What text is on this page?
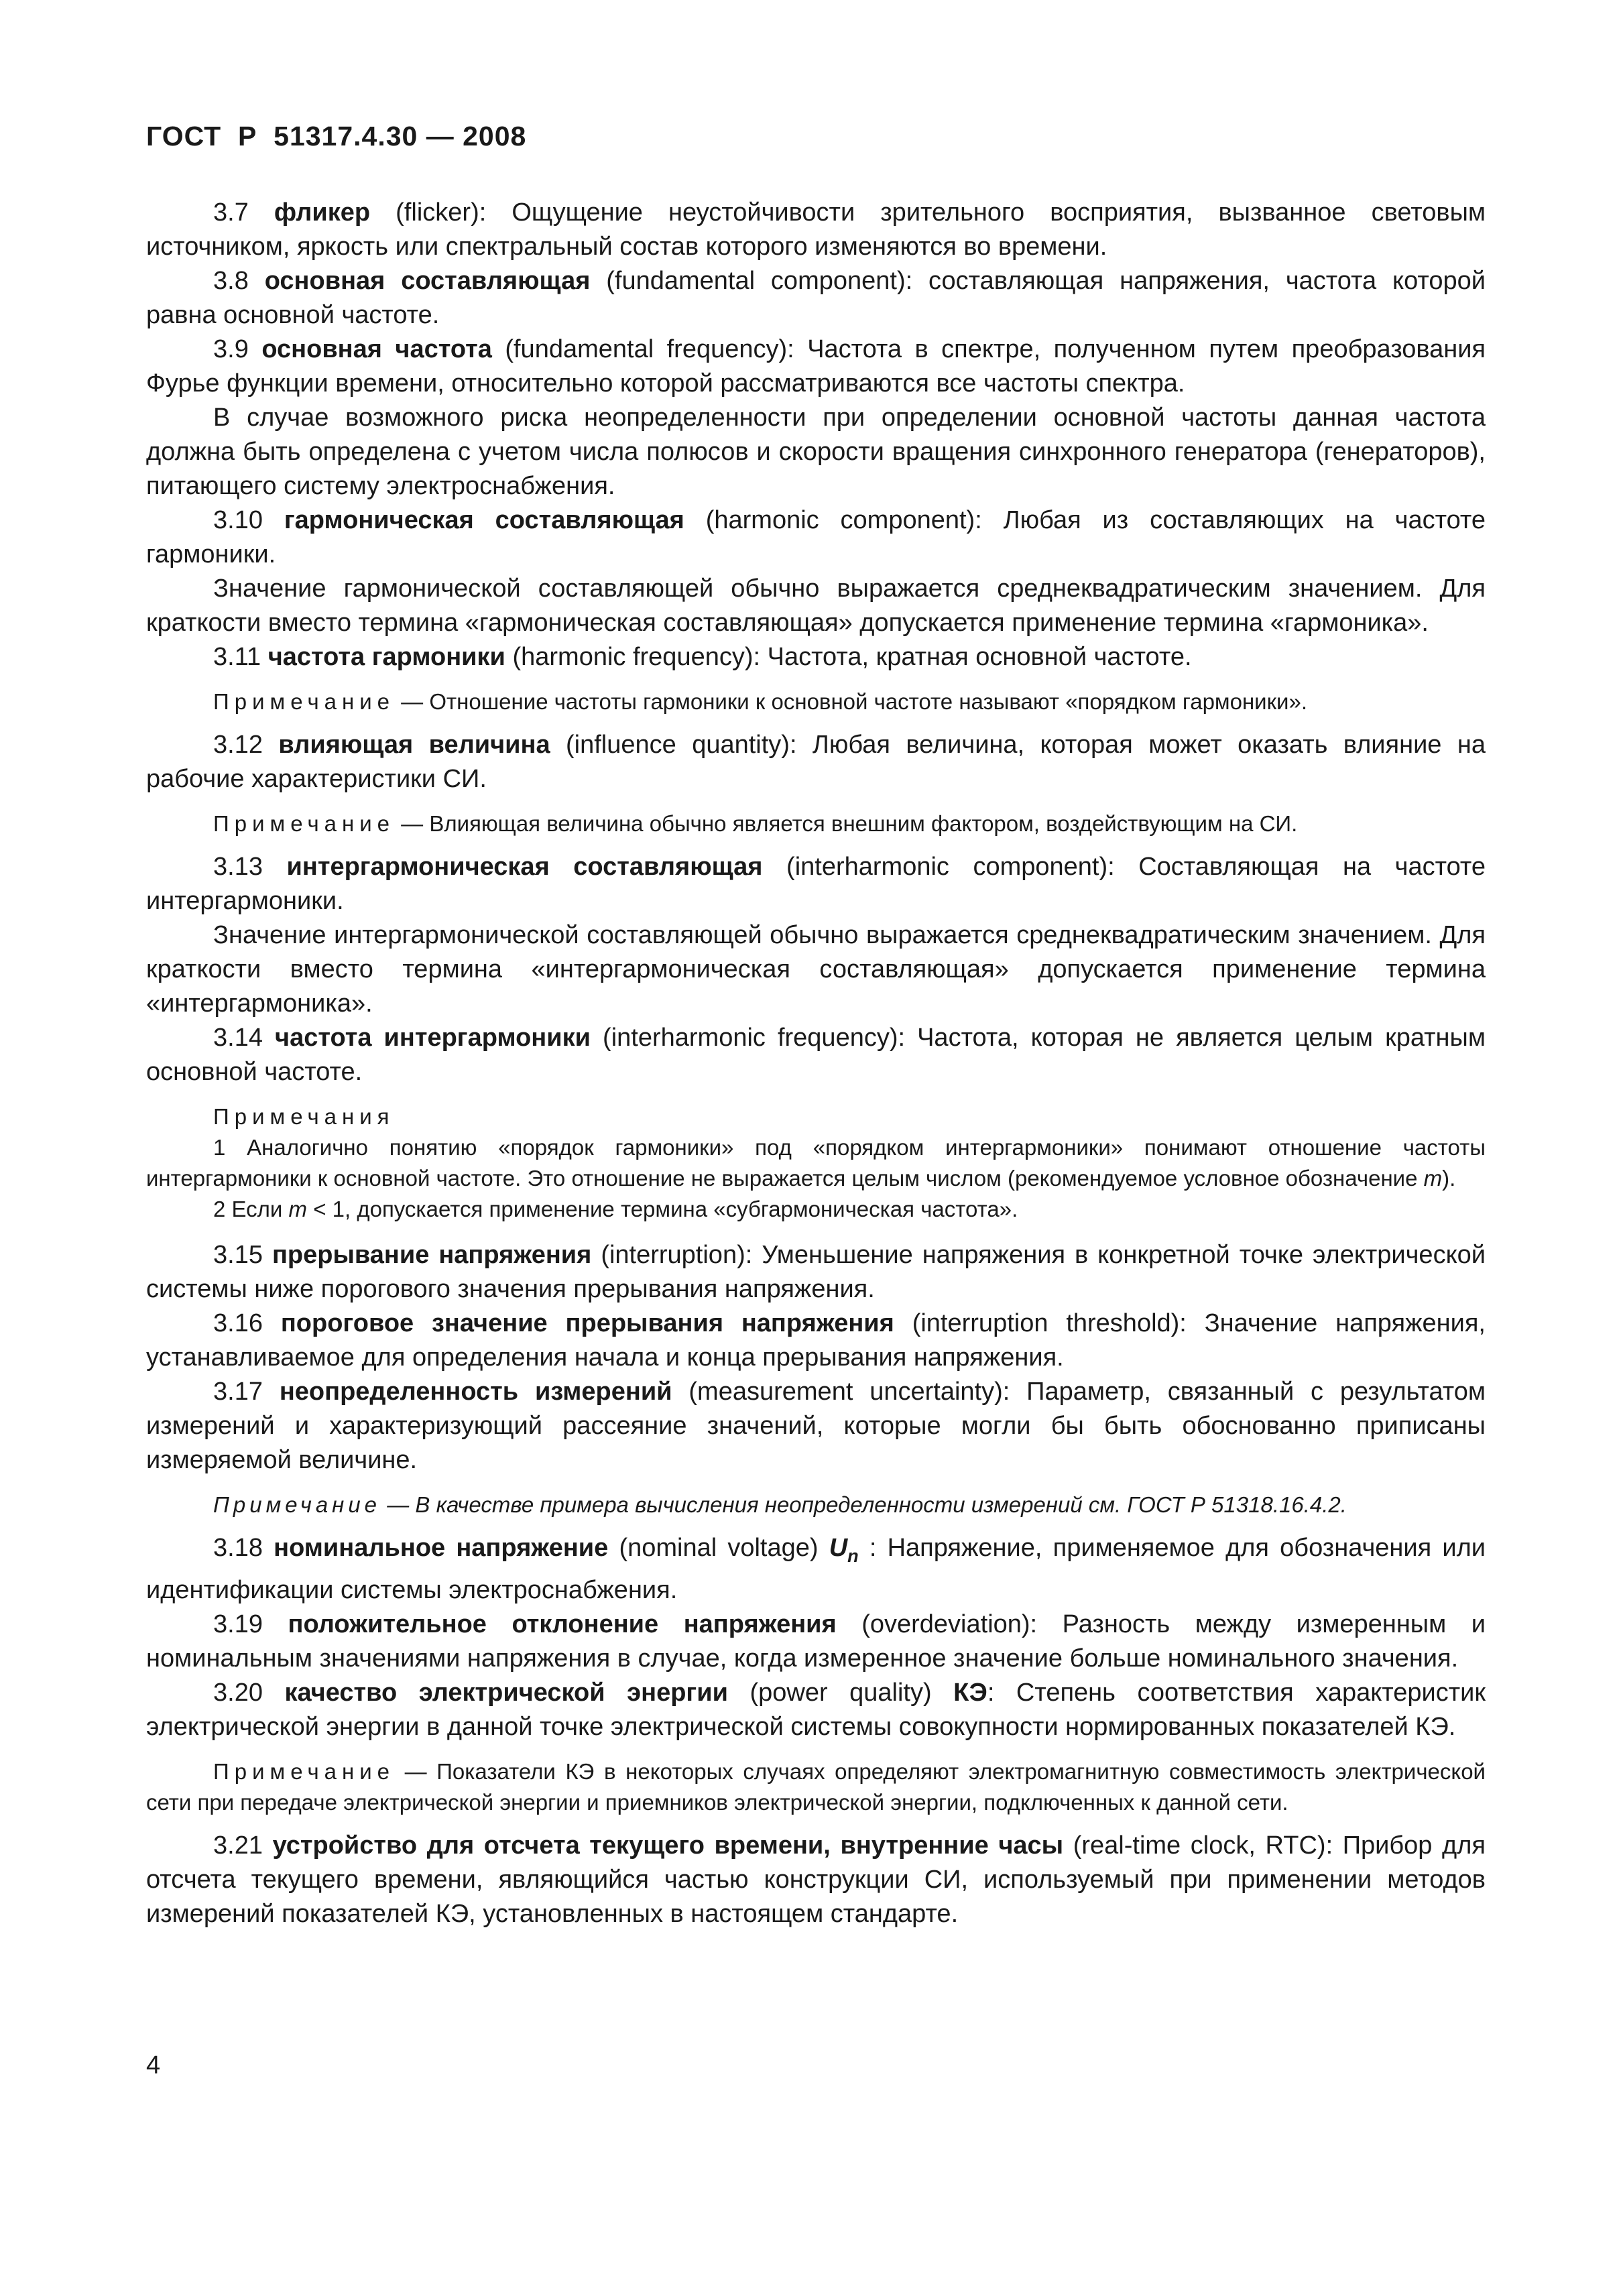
ГОСТ  Р  51317.4.30 — 2008

3.7 фликер (flicker): Ощущение неустойчивости зрительного восприятия, вызванное световым источником, яркость или спектральный состав которого изменяются во времени.

3.8 основная составляющая (fundamental component): составляющая напряжения, частота которой равна основной частоте.

3.9 основная частота (fundamental frequency): Частота в спектре, полученном путем преобразования Фурье функции времени, относительно которой рассматриваются все частоты спектра.

В случае возможного риска неопределенности при определении основной частоты данная частота должна быть определена с учетом числа полюсов и скорости вращения синхронного генератора (генераторов), питающего систему электроснабжения.

3.10 гармоническая составляющая (harmonic component): Любая из составляющих на частоте гармоники.

Значение гармонической составляющей обычно выражается среднеквадратическим значением. Для краткости вместо термина «гармоническая составляющая» допускается применение термина «гармоника».

3.11 частота гармоники (harmonic frequency): Частота, кратная основной частоте.

Примечание — Отношение частоты гармоники к основной частоте называют «порядком гармоники».

3.12 влияющая величина (influence quantity): Любая величина, которая может оказать влияние на рабочие характеристики СИ.

Примечание — Влияющая величина обычно является внешним фактором, воздействующим на СИ.

3.13 интергармоническая составляющая (interharmonic component): Составляющая на частоте интергармоники.

Значение интергармонической составляющей обычно выражается среднеквадратическим значением. Для краткости вместо термина «интергармоническая составляющая» допускается применение термина «интергармоника».

3.14 частота интергармоники (interharmonic frequency): Частота, которая не является целым кратным основной частоте.

Примечания

1 Аналогично понятию «порядок гармоники» под «порядком интергармоники» понимают отношение частоты интергармоники к основной частоте. Это отношение не выражается целым числом (рекомендуемое условное обозначение m).

2 Если m < 1, допускается применение термина «субгармоническая частота».

3.15 прерывание напряжения (interruption): Уменьшение напряжения в конкретной точке электрической системы ниже порогового значения прерывания напряжения.

3.16 пороговое значение прерывания напряжения (interruption threshold): Значение напряжения, устанавливаемое для определения начала и конца прерывания напряжения.

3.17 неопределенность измерений (measurement uncertainty): Параметр, связанный с результатом измерений и характеризующий рассеяние значений, которые могли бы быть обоснованно приписаны измеряемой величине.

Примечание — В качестве примера вычисления неопределенности измерений см. ГОСТ Р 51318.16.4.2.

3.18 номинальное напряжение (nominal voltage) $U_n$ : Напряжение, применяемое для обозначения или идентификации системы электроснабжения.

3.19 положительное отклонение напряжения (overdeviation): Разность между измеренным и номинальным значениями напряжения в случае, когда измеренное значение больше номинального значения.

3.20 качество электрической энергии (power quality) КЭ: Степень соответствия характеристик электрической энергии в данной точке электрической системы совокупности нормированных показателей КЭ.

Примечание — Показатели КЭ в некоторых случаях определяют электромагнитную совместимость электрической сети при передаче электрической энергии и приемников электрической энергии, подключенных к данной сети.

3.21 устройство для отсчета текущего времени, внутренние часы (real-time clock, RTC): Прибор для отсчета текущего времени, являющийся частью конструкции СИ, используемый при применении методов измерений показателей КЭ, установленных в настоящем стандарте.

4
